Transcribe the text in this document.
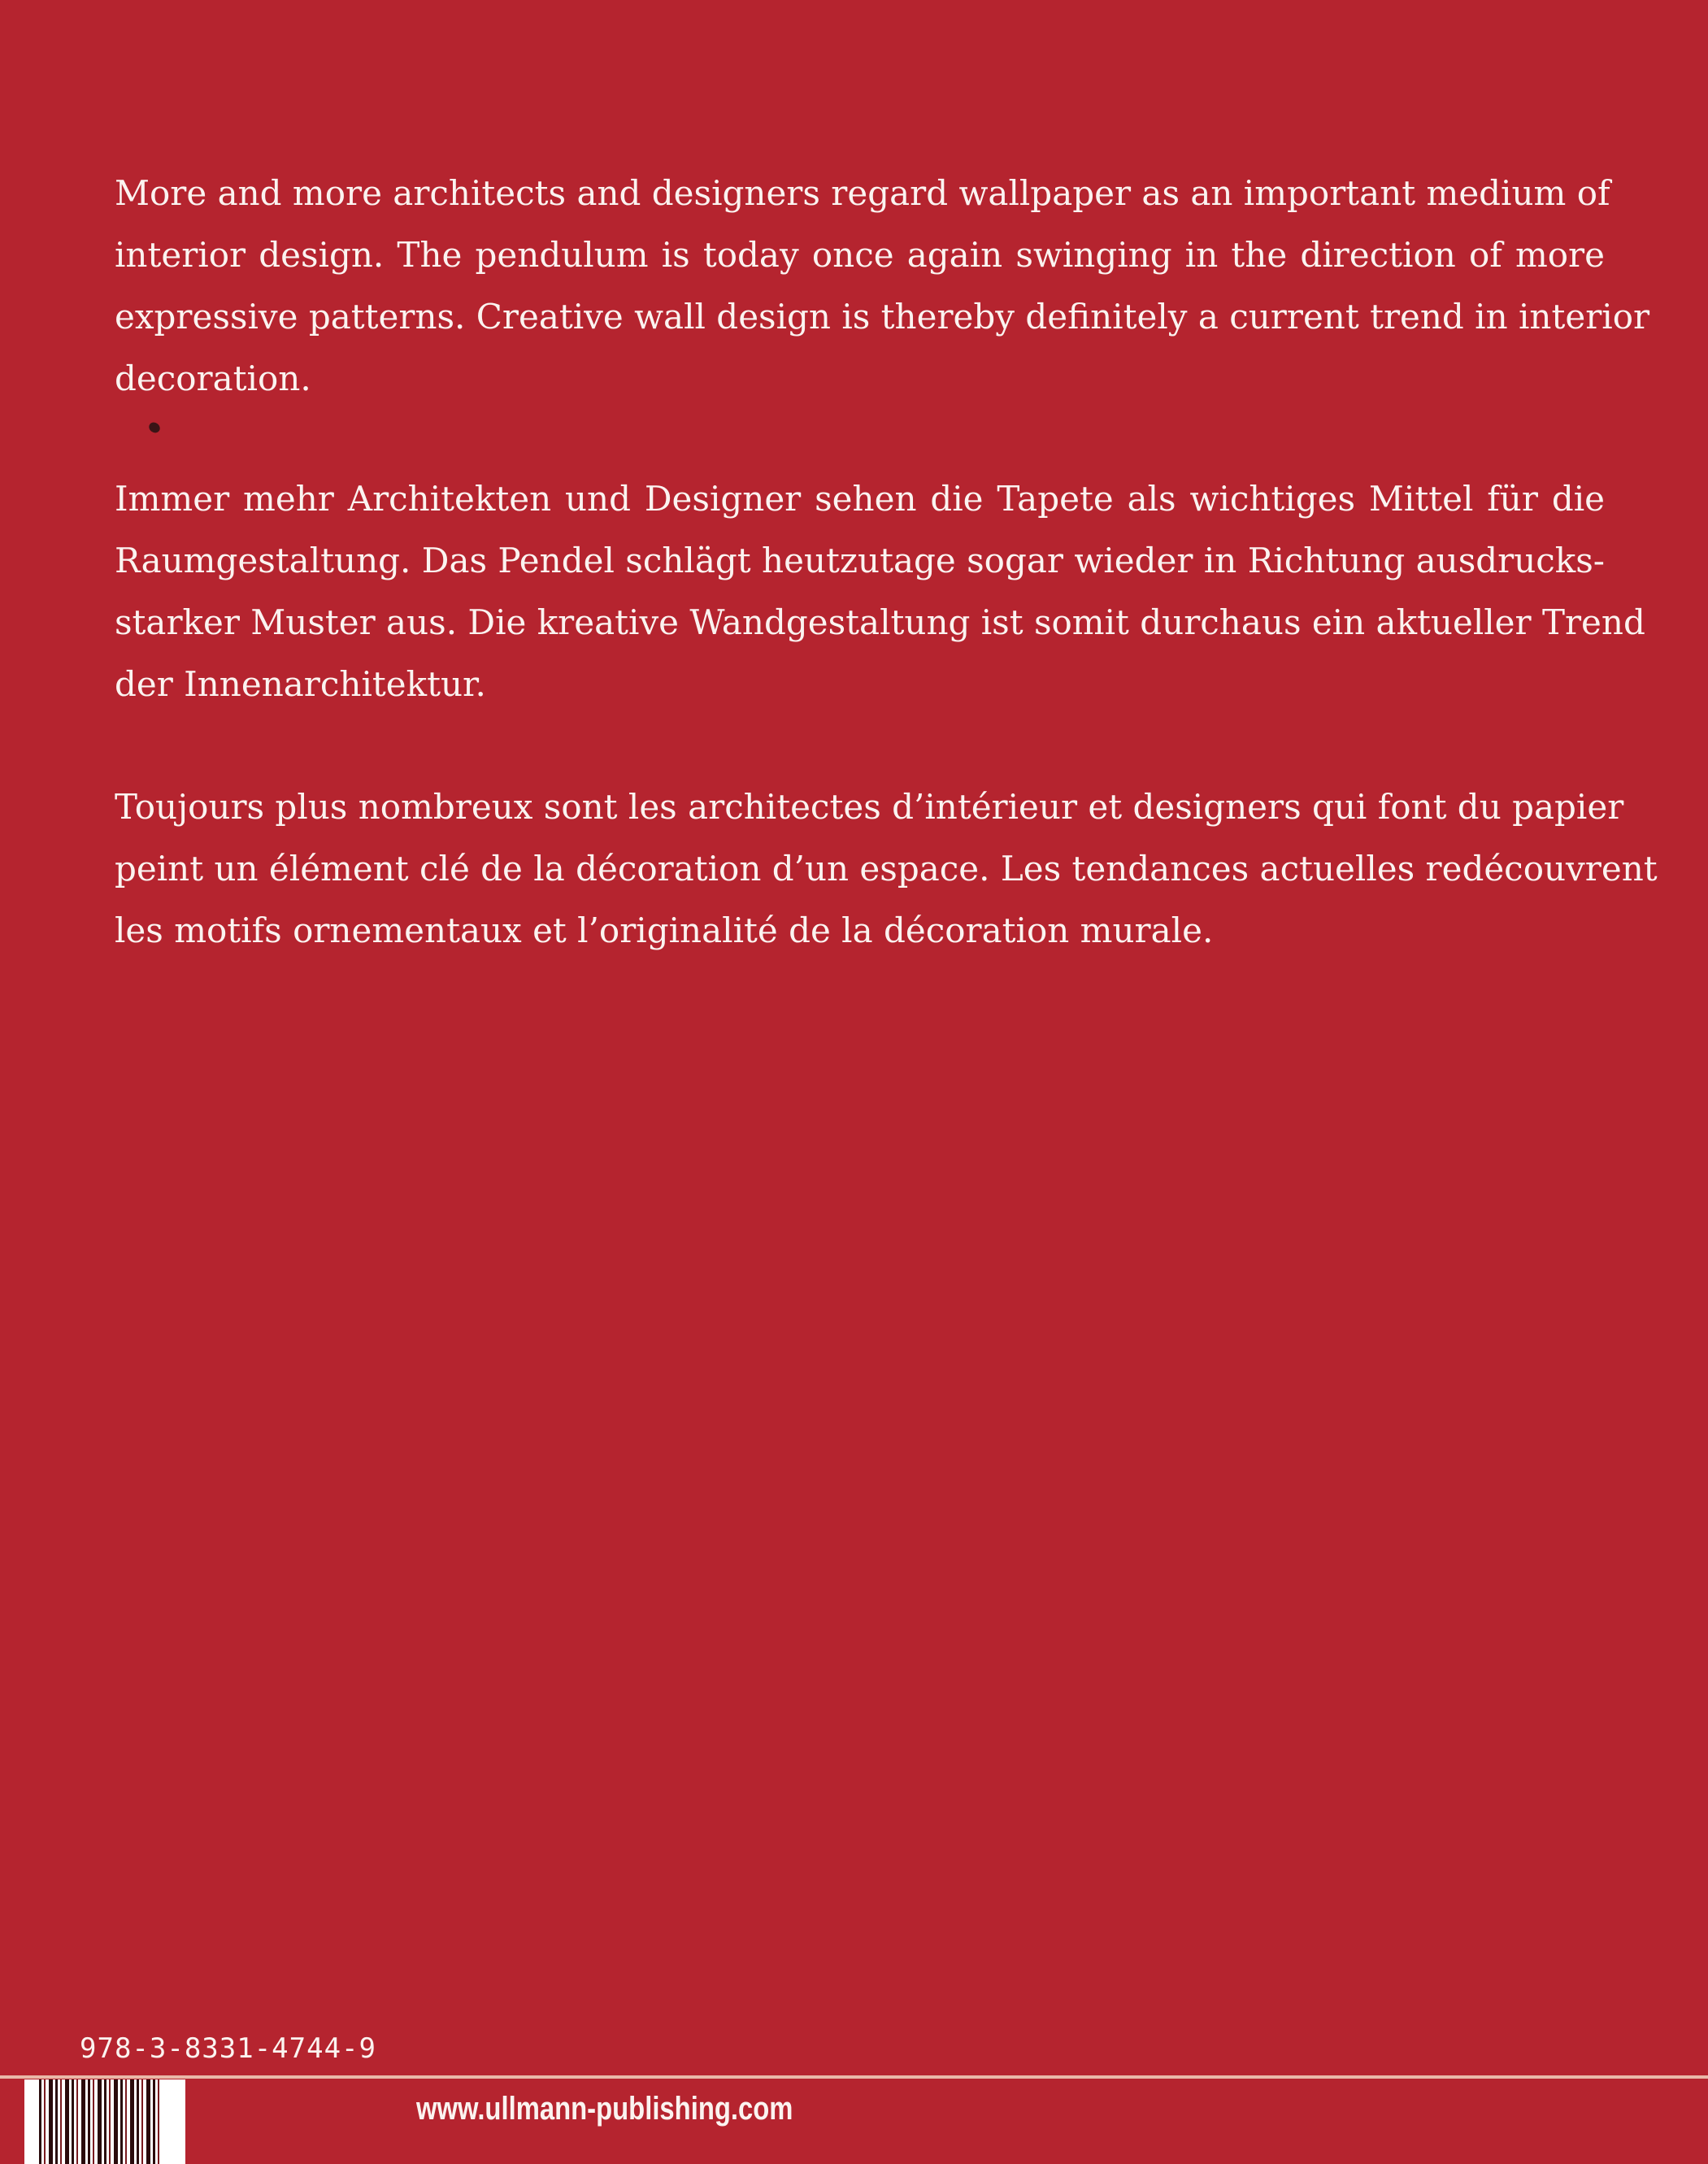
More and more architects and designers regard wallpaper as an important medium of
interior design. The pendulum is today once again swinging in the direction of more
expressive patterns. Creative wall design is thereby definitely a current trend in interior
decoration.
Immer mehr Architekten und Designer sehen die Tapete als wichtiges Mittel für die
Raumgestaltung. Das Pendel schlägt heutzutage sogar wieder in Richtung ausdrucks-
starker Muster aus. Die kreative Wandgestaltung ist somit durchaus ein aktueller Trend
der Innenarchitektur.
Toujours plus nombreux sont les architectes d’intérieur et designers qui font du papier
peint un élément clé de la décoration d’un espace. Les tendances actuelles redécouvrent
les motifs ornementaux et l’originalité de la décoration murale.
978-3-8331-4744-9
www.ullmann-publishing.com
